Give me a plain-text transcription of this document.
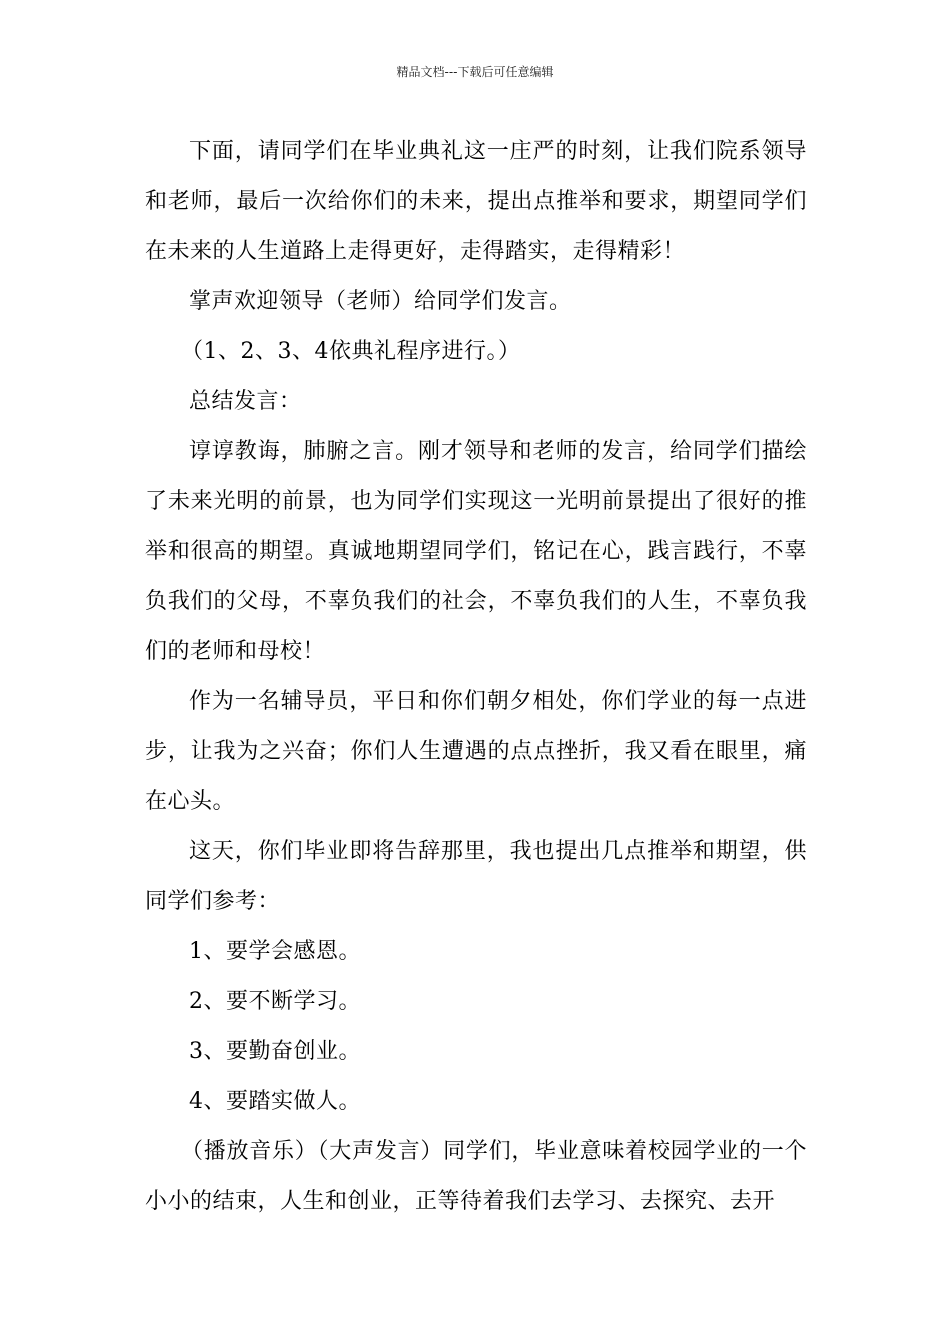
精品文档---下载后可任意编辑

下面，请同学们在毕业典礼这一庄严的时刻，让我们院系领导和老师，最后一次给你们的未来，提出点推举和要求，期望同学们在未来的人生道路上走得更好，走得踏实，走得精彩！

掌声欢迎领导（老师）给同学们发言。

（1、2、3、4依典礼程序进行。）

总结发言：

谆谆教诲，肺腑之言。刚才领导和老师的发言，给同学们描绘了未来光明的前景，也为同学们实现这一光明前景提出了很好的推举和很高的期望。真诚地期望同学们，铭记在心，践言践行，不辜负我们的父母，不辜负我们的社会，不辜负我们的人生，不辜负我们的老师和母校！

作为一名辅导员，平日和你们朝夕相处，你们学业的每一点进步，让我为之兴奋；你们人生遭遇的点点挫折，我又看在眼里，痛在心头。

这天，你们毕业即将告辞那里，我也提出几点推举和期望，供同学们参考：

1、要学会感恩。

2、要不断学习。

3、要勤奋创业。

4、要踏实做人。

（播放音乐）（大声发言）同学们，毕业意味着校园学业的一个小小的结束，人生和创业，正等待着我们去学习、去探究、去开
